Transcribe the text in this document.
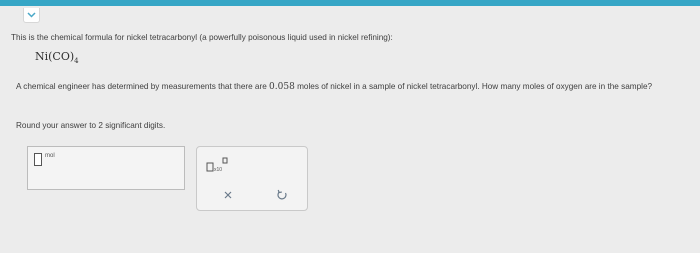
This is the chemical formula for nickel tetracarbonyl (a powerfully poisonous liquid used in nickel refining):
$Ni(CO)_4$
A chemical engineer has determined by measurements that there are 0.058 moles of nickel in a sample of nickel tetracarbonyl. How many moles of oxygen are in the sample?
Round your answer to 2 significant digits.
mol
x10
